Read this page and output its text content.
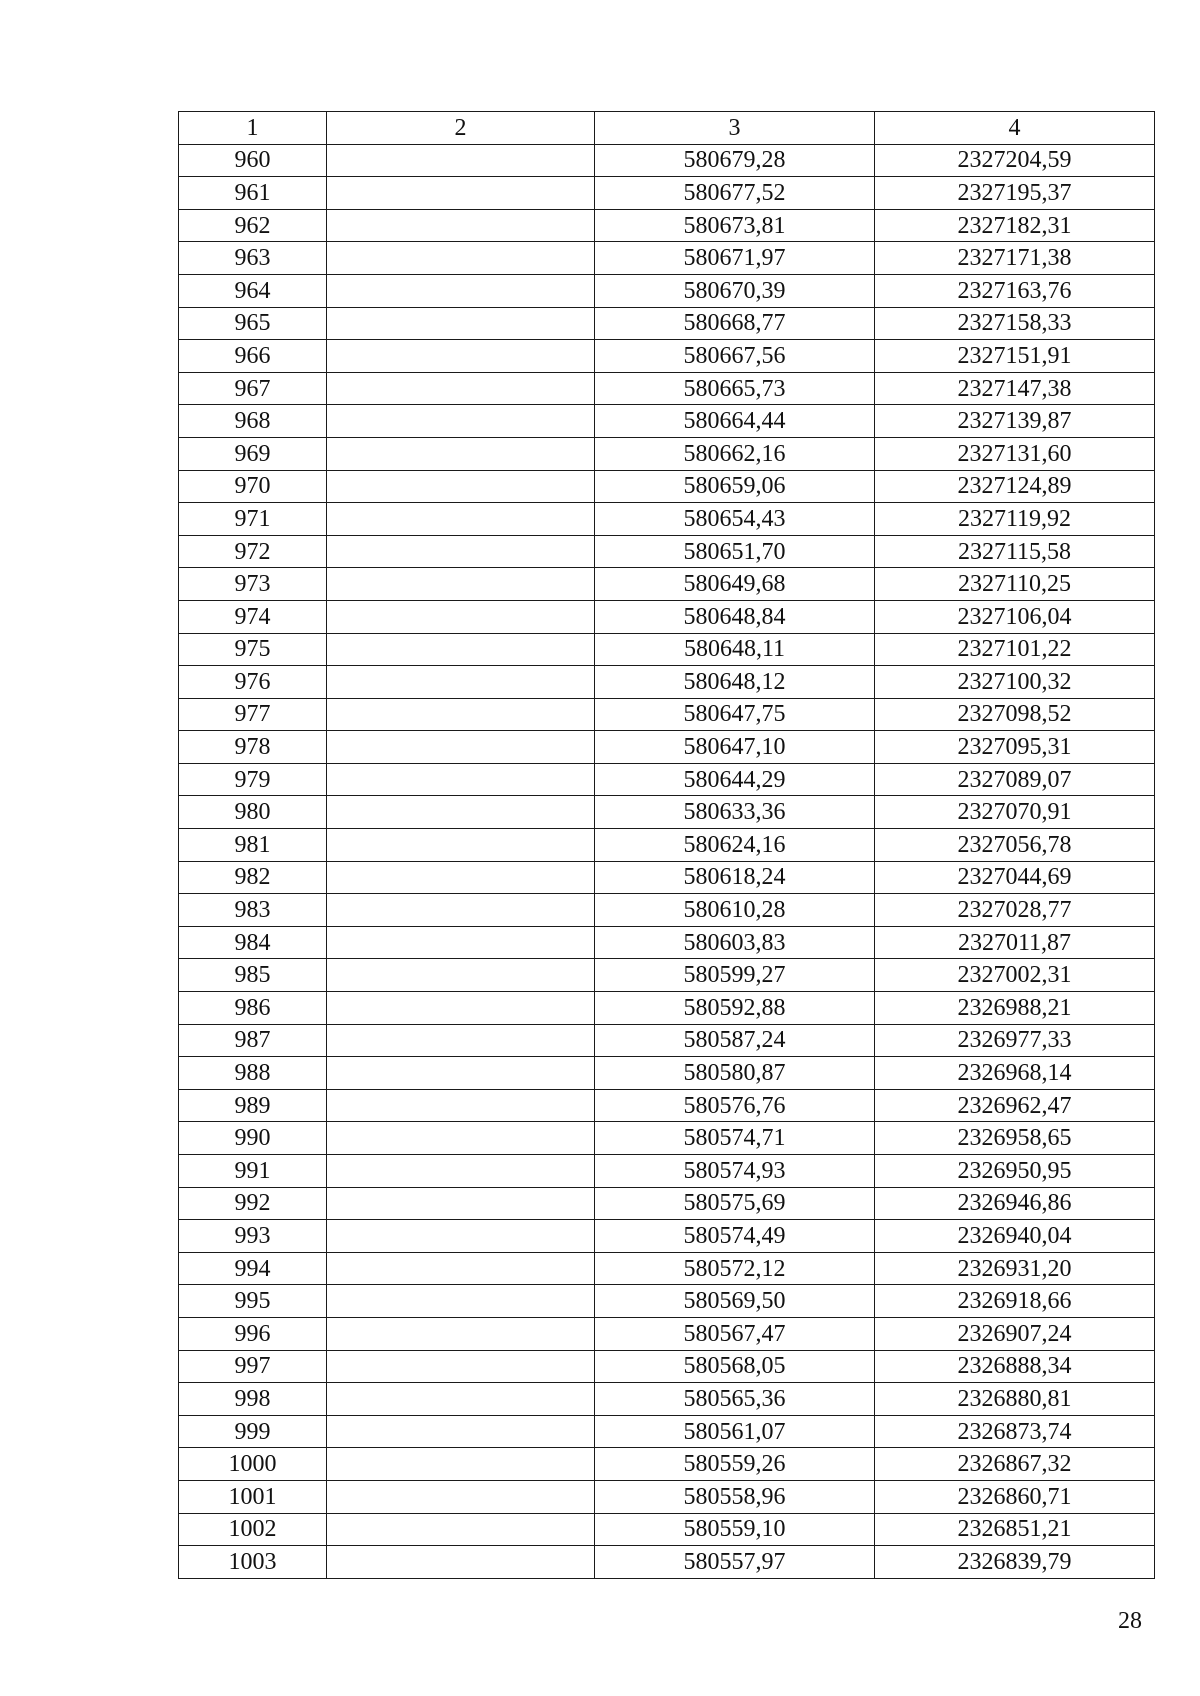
1	2	3	4
960		580679,28	2327204,59
961		580677,52	2327195,37
962		580673,81	2327182,31
963		580671,97	2327171,38
964		580670,39	2327163,76
965		580668,77	2327158,33
966		580667,56	2327151,91
967		580665,73	2327147,38
968		580664,44	2327139,87
969		580662,16	2327131,60
970		580659,06	2327124,89
971		580654,43	2327119,92
972		580651,70	2327115,58
973		580649,68	2327110,25
974		580648,84	2327106,04
975		580648,11	2327101,22
976		580648,12	2327100,32
977		580647,75	2327098,52
978		580647,10	2327095,31
979		580644,29	2327089,07
980		580633,36	2327070,91
981		580624,16	2327056,78
982		580618,24	2327044,69
983		580610,28	2327028,77
984		580603,83	2327011,87
985		580599,27	2327002,31
986		580592,88	2326988,21
987		580587,24	2326977,33
988		580580,87	2326968,14
989		580576,76	2326962,47
990		580574,71	2326958,65
991		580574,93	2326950,95
992		580575,69	2326946,86
993		580574,49	2326940,04
994		580572,12	2326931,20
995		580569,50	2326918,66
996		580567,47	2326907,24
997		580568,05	2326888,34
998		580565,36	2326880,81
999		580561,07	2326873,74
1000		580559,26	2326867,32
1001		580558,96	2326860,71
1002		580559,10	2326851,21
1003		580557,97	2326839,79
28
